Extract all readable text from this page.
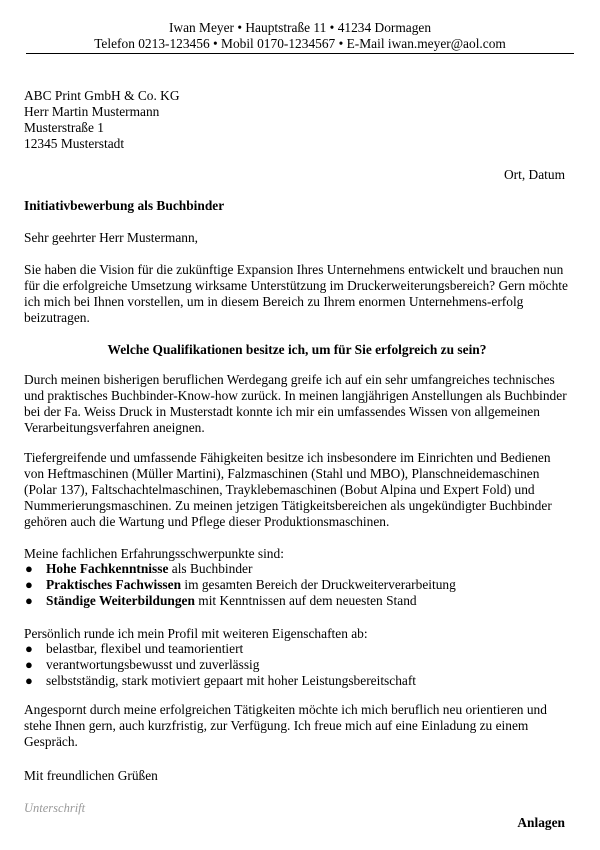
Iwan Meyer • Hauptstraße 11 • 41234 Dormagen
Telefon 0213-123456 • Mobil 0170-1234567 • E-Mail iwan.meyer@aol.com
ABC Print GmbH & Co. KG
Herr Martin Mustermann
Musterstraße 1
12345 Musterstadt
Ort, Datum
Initiativbewerbung als Buchbinder
Sehr geehrter Herr Mustermann,

Sie haben die Vision für die zukünftige Expansion Ihres Unternehmens entwickelt und brauchen nun für die erfolgreiche Umsetzung wirksame Unterstützung im Druckerweiterungsbereich? Gern möchte ich mich bei Ihnen vorstellen, um in diesem Bereich zu Ihrem enormen Unternehmens-erfolg beizutragen.

Welche Qualifikationen besitze ich, um für Sie erfolgreich zu sein?

Durch meinen bisherigen beruflichen Werdegang greife ich auf ein sehr umfangreiches technisches und praktisches Buchbinder-Know-how zurück. In meinen langjährigen Anstellungen als Buchbinder bei der Fa. Weiss Druck in Musterstadt konnte ich mir ein umfassendes Wissen von allgemeinen Verarbeitungsverfahren aneignen.

Tiefergreifende und umfassende Fähigkeiten besitze ich insbesondere im Einrichten und Bedienen von Heftmaschinen (Müller Martini), Falzmaschinen (Stahl und MBO), Planschneidemaschinen (Polar 137), Faltschachtelmaschinen, Trayklebemaschinen (Bobut Alpina und Expert Fold) und Nummerierungsmaschinen. Zu meinen jetzigen Tätigkeitsbereichen als ungekündigter Buchbinder gehören auch die Wartung und Pflege dieser Produktionsmaschinen.

Meine fachlichen Erfahrungsschwerpunkte sind:
● Hohe Fachkenntnisse als Buchbinder
● Praktisches Fachwissen im gesamten Bereich der Druckweiterverarbeitung
● Ständige Weiterbildungen mit Kenntnissen auf dem neuesten Stand
Persönlich runde ich mein Profil mit weiteren Eigenschaften ab:
● belastbar, flexibel und teamorientiert
● verantwortungsbewusst und zuverlässig
● selbstständig, stark motiviert gepaart mit hoher Leistungsbereitschaft

Angespornt durch meine erfolgreichen Tätigkeiten möchte ich mich beruflich neu orientieren und stehe Ihnen gern, auch kurzfristig, zur Verfügung. Ich freue mich auf eine Einladung zu einem Gespräch.

Mit freundlichen Grüßen
Unterschrift
Anlagen
